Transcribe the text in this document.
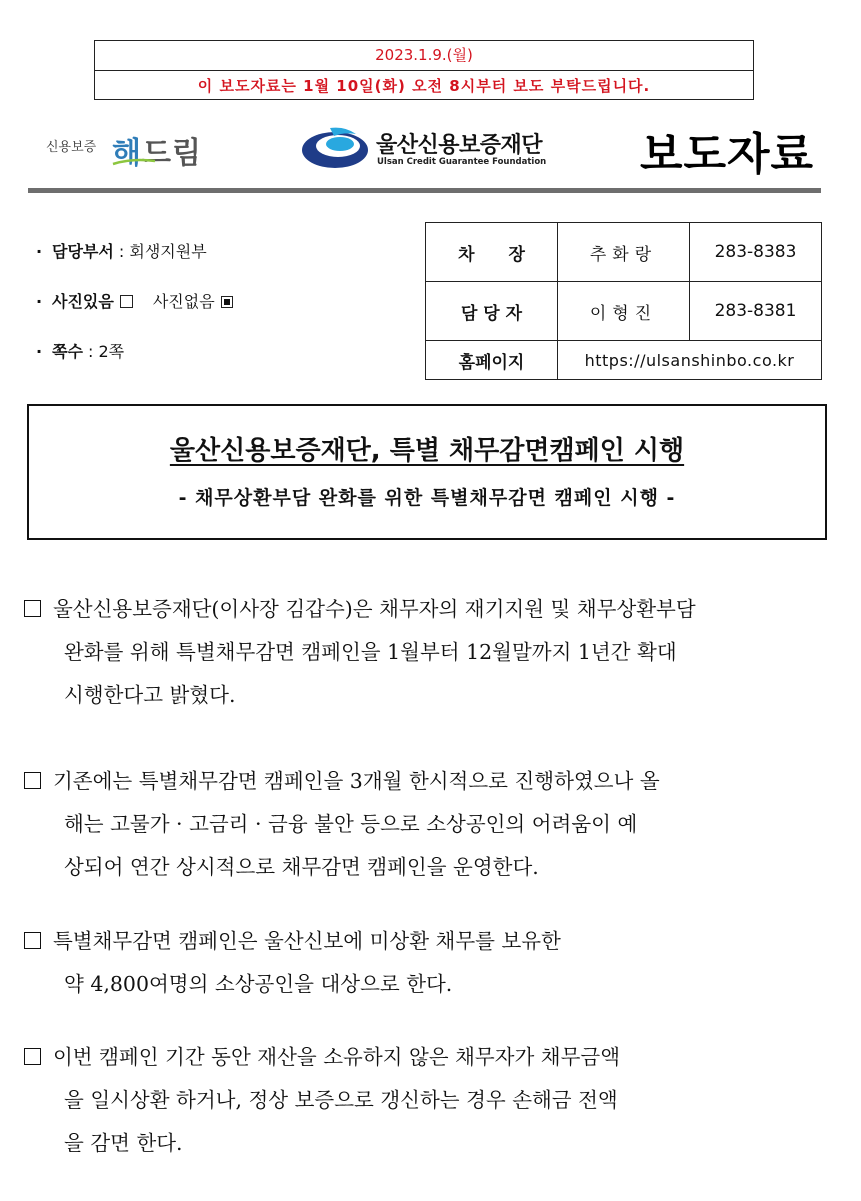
2023.1.9.(월)
이 보도자료는 1월 10일(화) 오전 8시부터 보도 부탁드립니다.
신용보증 해드림	울산신용보증재단
Ulsan Credit Guarantee Foundation 보도자료
· 담당부서 : 회생지원부
· 사진있음 사진없음
· 쪽수 : 2쪽
차　　장	추화랑	283-8383
담 당 자	이형진	283-8381
홈페이지	https://ulsanshinbo.co.kr	
울산신용보증재단, 특별 채무감면캠페인 시행
- 채무상환부담 완화를 위한 특별채무감면 캠페인 시행 -
울산신용보증재단(이사장 김갑수)은 채무자의 재기지원 및 채무상환부담
완화를 위해 특별채무감면 캠페인을 1월부터 12월말까지 1년간 확대
시행한다고 밝혔다.
기존에는 특별채무감면 캠페인을 3개월 한시적으로 진행하였으나 올
해는 고물가 · 고금리 · 금융 불안 등으로 소상공인의 어려움이 예
상되어 연간 상시적으로 채무감면 캠페인을 운영한다.
특별채무감면 캠페인은 울산신보에 미상환 채무를 보유한
약 4,800여명의 소상공인을 대상으로 한다.
이번 캠페인 기간 동안 재산을 소유하지 않은 채무자가 채무금액
을 일시상환 하거나, 정상 보증으로 갱신하는 경우 손해금 전액
을 감면 한다.
